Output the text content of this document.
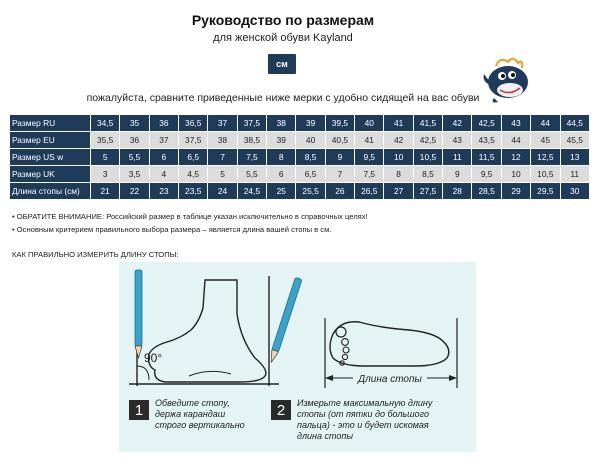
Руководство по размерам
для женской обуви Kayland
см
пожалуйста, сравните приведенные ниже мерки с удобно сидящей на вас обуви
Размер RU	34,5	35	36	36,5	37	37,5	38	39	39,5	40	41	41,5	42	42,5	43	44	44,5
Размер EU	35,5	36	37	37,5	38	38,5	39	40	40,5	41	42	42,5	43	43,5	44	45	45,5
Размер US w	5	5,5	6	6,5	7	7,5	8	8,5	9	9,5	10	10,5	11	11,5	12	12,5	13
Размер UK	3	3,5	4	4,5	5	5,5	6	6,5	7	7,5	8	8,5	9	9,5	10	10,5	11
Длина стопы (см)	21	22	23	23,5	24	24,5	25	25,5	26	26,5	27	27,5	28	28,5	29	29,5	30
• ОБРАТИТЕ ВНИМАНИЕ: Российский размер в таблице указан исключительно в справочных целях!
• Основным критерием правильного выбора размера – является длина вашей стопы в см.
КАК ПРАВИЛЬНО ИЗМЕРИТЬ ДЛИНУ СТОПЫ:
90°
Длина стопы
1	Обведите стопу,
держа карандаш
строго вертикально
2	Измерьте максимальную длину
стопы (от пятки до большого
пальца) - это и будет искомая
длина стопы
